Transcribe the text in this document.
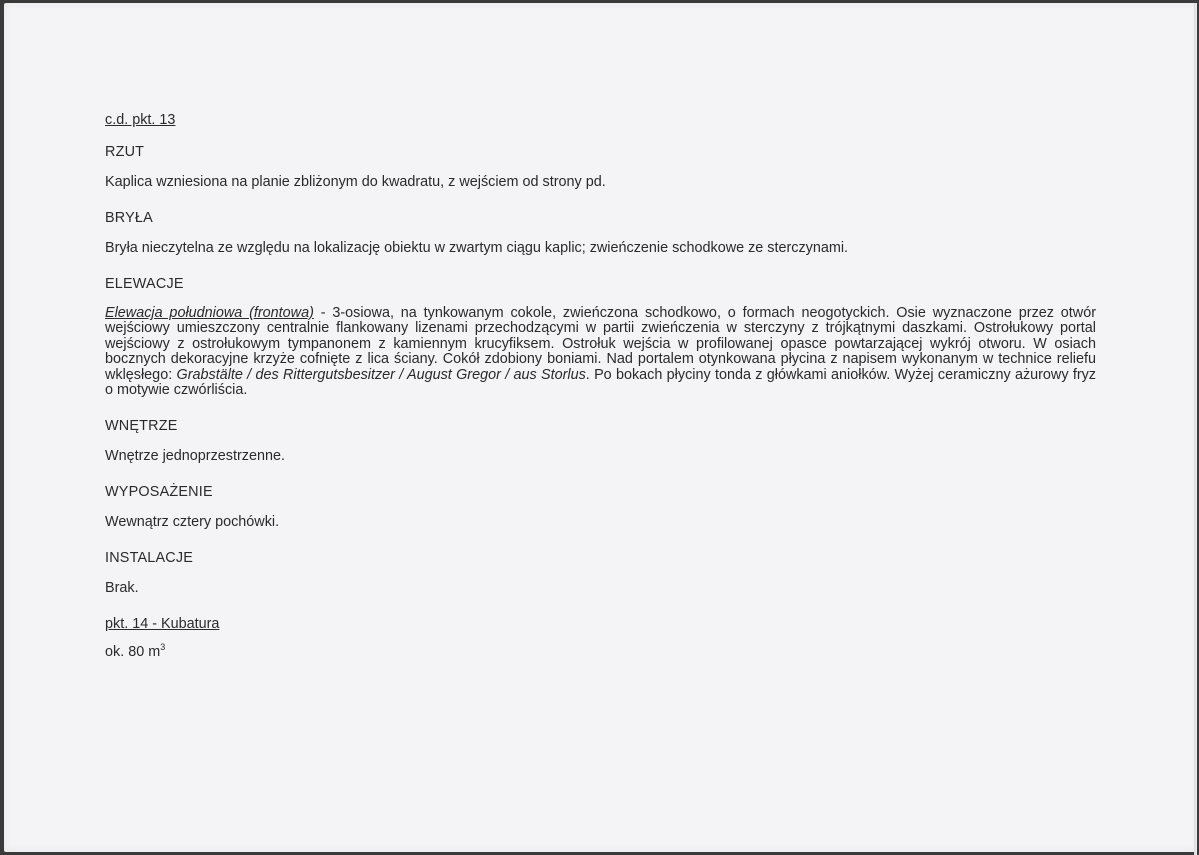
c.d. pkt. 13
RZUT
Kaplica wzniesiona na planie zbliżonym do kwadratu, z wejściem od strony pd.
BRYŁA
Bryła nieczytelna ze względu na lokalizację obiektu w zwartym ciągu kaplic; zwieńczenie schodkowe ze sterczynami.
ELEWACJE
Elewacja południowa (frontowa) - 3-osiowa, na tynkowanym cokole, zwieńczona schodkowo, o formach neogotyckich. Osie wyznaczone przez otwór wejściowy umieszczony centralnie flankowany lizenami przechodzącymi w partii zwieńczenia w sterczyny z trójkątnymi daszkami. Ostrołukowy portal wejściowy z ostrołukowym tympanonem z kamiennym krucyfiksem. Ostrołuk wejścia w profilowanej opasce powtarzającej wykrój otworu. W osiach bocznych dekoracyjne krzyże cofnięte z lica ściany. Cokół zdobiony boniami. Nad portalem otynkowana płycina z napisem wykonanym w technice reliefu wklęsłego: Grabstälte / des Rittergutsbesitzer / August Gregor / aus Storlus. Po bokach płyciny tonda z główkami aniołków. Wyżej ceramiczny ażurowy fryz o motywie czwórliścia.
WNĘTRZE
Wnętrze jednoprzestrzenne.
WYPOSAŻENIE
Wewnątrz cztery pochówki.
INSTALACJE
Brak.
pkt. 14 - Kubatura
ok. 80 $m^3$
